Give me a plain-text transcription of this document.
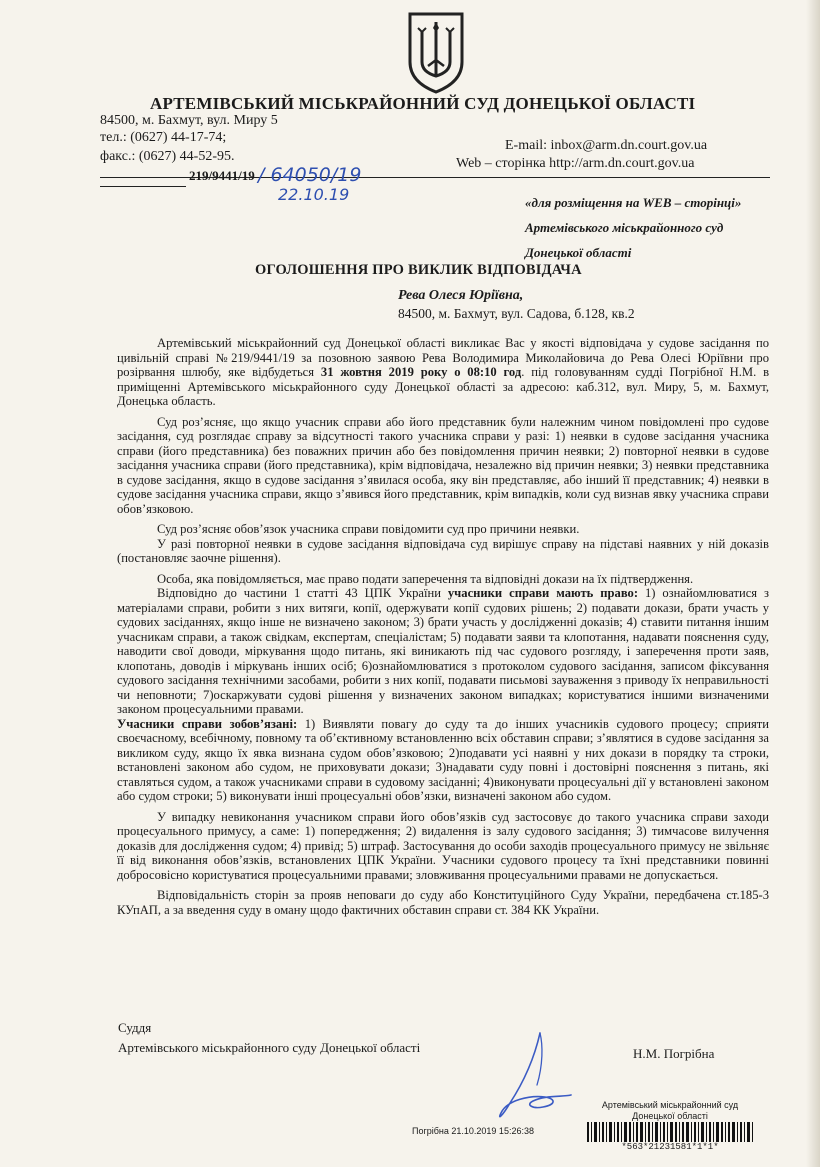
АРТЕМІВСЬКИЙ МІСЬКРАЙОННИЙ СУД ДОНЕЦЬКОЇ ОБЛАСТІ
84500, м. Бахмут, вул. Миру 5
тел.: (0627) 44-17-74;
факс.: (0627) 44-52-95.
E-mail: inbox@arm.dn.court.gov.ua
Web – сторінка http://arm.dn.court.gov.ua
219/9441/19 / 64050/19
22.10.19	«для розміщення на WEB – сторінці»
Артемівського міськрайонного суд
Донецької області
ОГОЛОШЕННЯ ПРО ВИКЛИК ВІДПОВІДАЧА
Рева Олеся Юріївна,
84500, м. Бахмут, вул. Садова, б.128, кв.2

Артемівський міськрайонний суд Донецької області викликає Вас у якості відповідача у судове засідання по цивільній справі №219/9441/19 за позовною заявою Рева Володимира Миколайовича до Рева Олесі Юріївни про розірвання шлюбу, яке відбудеться 31 жовтня 2019 року о 08:10 год. під головуванням судді Погрібної Н.М. в приміщенні Артемівського міськрайонного суду Донецької області за адресою: каб.312, вул. Миру, 5, м. Бахмут, Донецька область.

Суд роз’ясняє, що якщо учасник справи або його представник були належним чином повідомлені про судове засідання, суд розглядає справу за відсутності такого учасника справи у разі: 1) неявки в судове засідання учасника справи (його представника) без поважних причин або без повідомлення причин неявки; 2) повторної неявки в судове засідання учасника справи (його представника), крім відповідача, незалежно від причин неявки; 3) неявки представника в судове засідання, якщо в судове засідання з’явилася особа, яку він представляє, або інший її представник; 4) неявки в судове засідання учасника справи, якщо з’явився його представник, крім випадків, коли суд визнав явку учасника справи обов’язковою.

Суд роз’ясняє обов’язок учасника справи повідомити суд про причини неявки.

У разі повторної неявки в судове засідання відповідача суд вирішує справу на підставі наявних у ній доказів (постановляє заочне рішення).

Особа, яка повідомляється, має право подати заперечення та відповідні докази на їх підтвердження.

Відповідно до частини 1 статті 43 ЦПК України учасники справи мають право: 1) ознайомлюватися з матеріалами справи, робити з них витяги, копії, одержувати копії судових рішень; 2) подавати докази, брати участь у судових засіданнях, якщо інше не визначено законом; 3) брати участь у дослідженні доказів; 4) ставити питання іншим учасникам справи, а також свідкам, експертам, спеціалістам; 5) подавати заяви та клопотання, надавати пояснення суду, наводити свої доводи, міркування щодо питань, які виникають під час судового розгляду, і заперечення проти заяв, клопотань, доводів і міркувань інших осіб; 6)ознайомлюватися з протоколом судового засідання, записом фіксування судового засідання технічними засобами, робити з них копії, подавати письмові зауваження з приводу їх неправильності чи неповноти; 7)оскаржувати судові рішення у визначених законом випадках; користуватися іншими визначеними законом процесуальними правами.

Учасники справи зобов’язані: 1) Виявляти повагу до суду та до інших учасників судового процесу; сприяти своєчасному, всебічному, повному та об’єктивному встановленню всіх обставин справи; з’являтися в судове засідання за викликом суду, якщо їх явка визнана судом обов’язковою; 2)подавати усі наявні у них докази в порядку та строки, встановлені законом або судом, не приховувати докази; 3)надавати суду повні і достовірні пояснення з питань, які ставляться судом, а також учасниками справи в судовому засіданні; 4)виконувати процесуальні дії у встановлені законом або судом строки; 5) виконувати інші процесуальні обов’язки, визначені законом або судом.

У випадку невиконання учасником справи його обов’язків суд застосовує до такого учасника справи заходи процесуального примусу, а саме: 1) попередження; 2) видалення із залу судового засідання; 3) тимчасове вилучення доказів для дослідження судом; 4) привід; 5) штраф. Застосування до особи заходів процесуального примусу не звільняє її від виконання обов’язків, встановлених ЦПК України. Учасники судового процесу та їхні представники повинні добросовісно користуватися процесуальними правами; зловживання процесуальними правами не допускається.

Відповідальність сторін за прояв неповаги до суду або Конституційного Суду України, передбачена ст.185-3 КУпАП, а за введення суду в оману щодо фактичних обставин справи ст. 384 КК України.

Суддя
Артемівського міськрайонного суду Донецької області	Н.М. Погрібна
Погрібна 21.10.2019 15:26:38
Артемівський міськрайонний суд
Донецької області
*563*21231581*1*1*
